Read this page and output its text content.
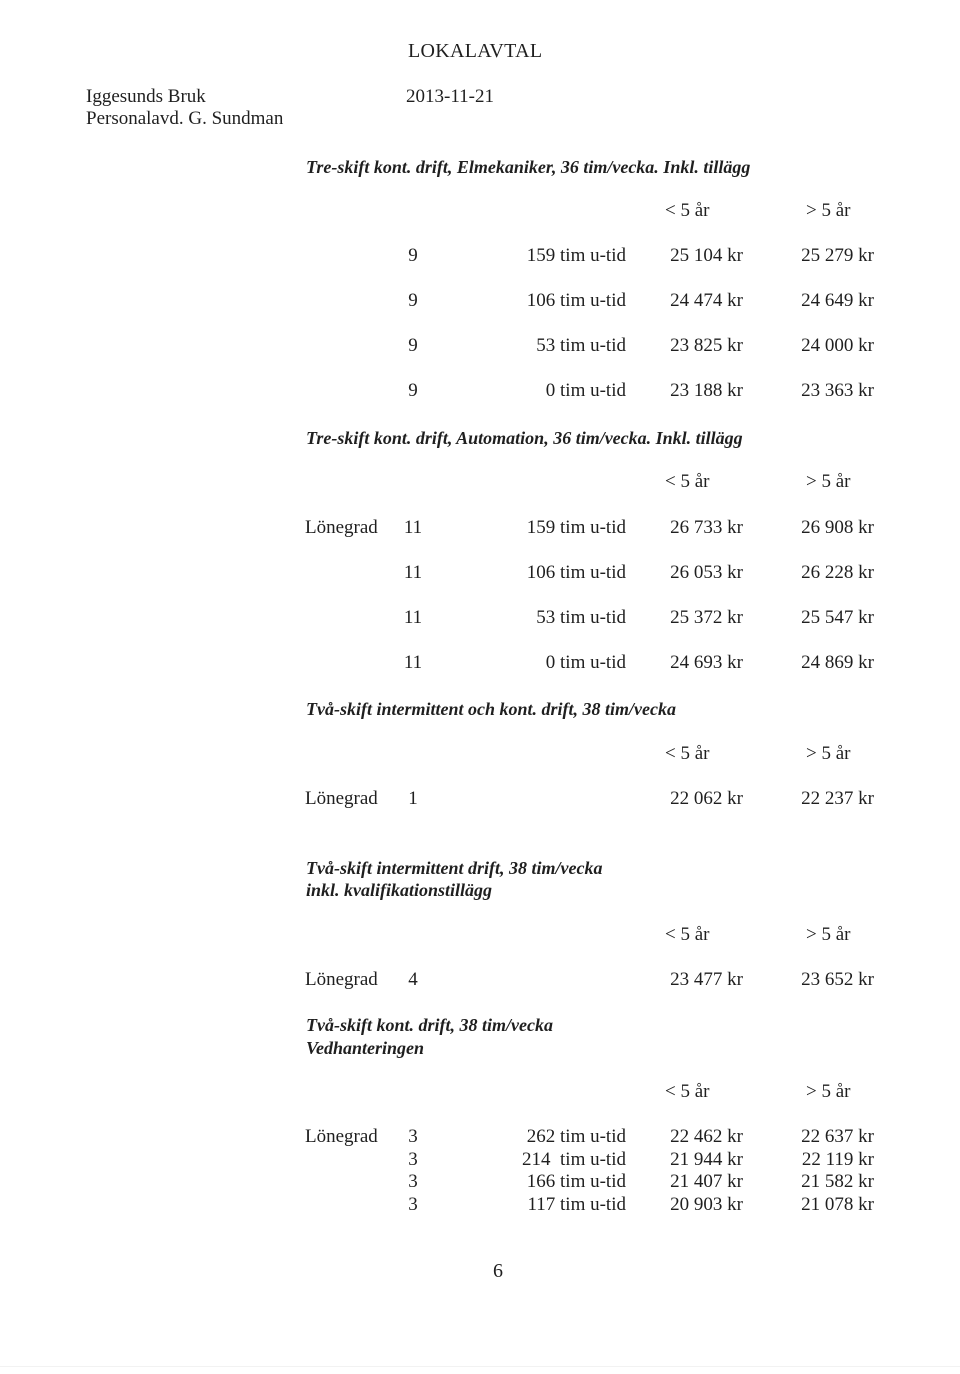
LOKALAVTAL
Iggesunds Bruk	2013-11-21
Personalavd. G. Sundman
Tre-skift kont. drift, Elmekaniker, 36 tim/vecka. Inkl. tillägg
< 5 år	> 5 år
9	159 tim u-tid 25 104 kr	25 279 kr
9	106 tim u-tid 24 474 kr	24 649 kr
9	53 tim u-tid 23 825 kr	24 000 kr
9	0 tim u-tid 23 188 kr	23 363 kr
Tre-skift kont. drift, Automation, 36 tim/vecka. Inkl. tillägg
< 5 år	> 5 år
Lönegrad	11	159 tim u-tid 26 733 kr	26 908 kr
11	106 tim u-tid 26 053 kr	26 228 kr
11	53 tim u-tid 25 372 kr	25 547 kr
11	0 tim u-tid 24 693 kr	24 869 kr
Två-skift intermittent och kont. drift, 38 tim/vecka
< 5 år	> 5 år
Lönegrad	1	22 062 kr	22 237 kr
Två-skift intermittent drift, 38 tim/vecka
inkl. kvalifikationstillägg
< 5 år	> 5 år
Lönegrad	4	23 477 kr	23 652 kr
Två-skift kont. drift, 38 tim/vecka
Vedhanteringen
< 5 år	> 5 år
Lönegrad	3	262 tim u-tid 22 462 kr	22 637 kr
3	214  tim u-tid 21 944 kr	22 119 kr
3	166 tim u-tid 21 407 kr	21 582 kr
3	117 tim u-tid 20 903 kr	21 078 kr
6
